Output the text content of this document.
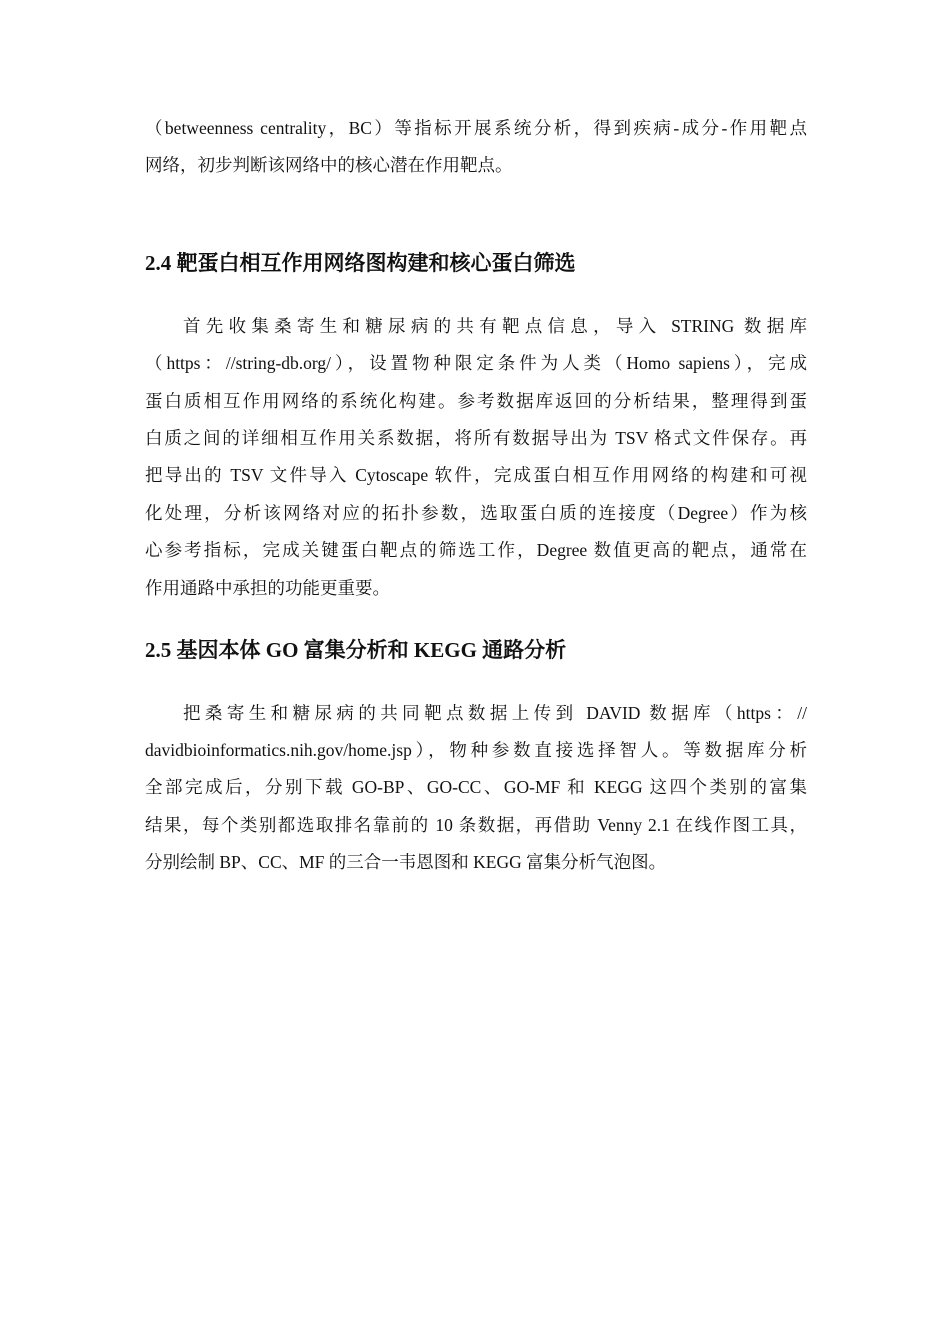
（betweenness centrality，BC）等指标开展系统分析，得到疾病-成分-作用靶点
网络，初步判断该网络中的核心潜在作用靶点。
2.4 靶蛋白相互作用网络图构建和核心蛋白筛选
首先收集桑寄生和糖尿病的共有靶点信息，导入 STRING 数据库
（https：//string-db.org/），设置物种限定条件为人类（Homo sapiens），完成
蛋白质相互作用网络的系统化构建。参考数据库返回的分析结果，整理得到蛋
白质之间的详细相互作用关系数据，将所有数据导出为 TSV 格式文件保存。再
把导出的 TSV 文件导入 Cytoscape 软件，完成蛋白相互作用网络的构建和可视
化处理，分析该网络对应的拓扑参数，选取蛋白质的连接度（Degree）作为核
心参考指标，完成关键蛋白靶点的筛选工作，Degree 数值更高的靶点，通常在
作用通路中承担的功能更重要。
2.5 基因本体 GO 富集分析和 KEGG 通路分析
把桑寄生和糖尿病的共同靶点数据上传到 DAVID 数据库（https：//
davidbioinformatics.nih.gov/home.jsp），物种参数直接选择智人。等数据库分析
全部完成后，分别下载 GO-BP、GO-CC、GO-MF 和 KEGG 这四个类别的富集
结果，每个类别都选取排名靠前的 10 条数据，再借助 Venny 2.1 在线作图工具，
分别绘制 BP、CC、MF 的三合一韦恩图和 KEGG 富集分析气泡图。
